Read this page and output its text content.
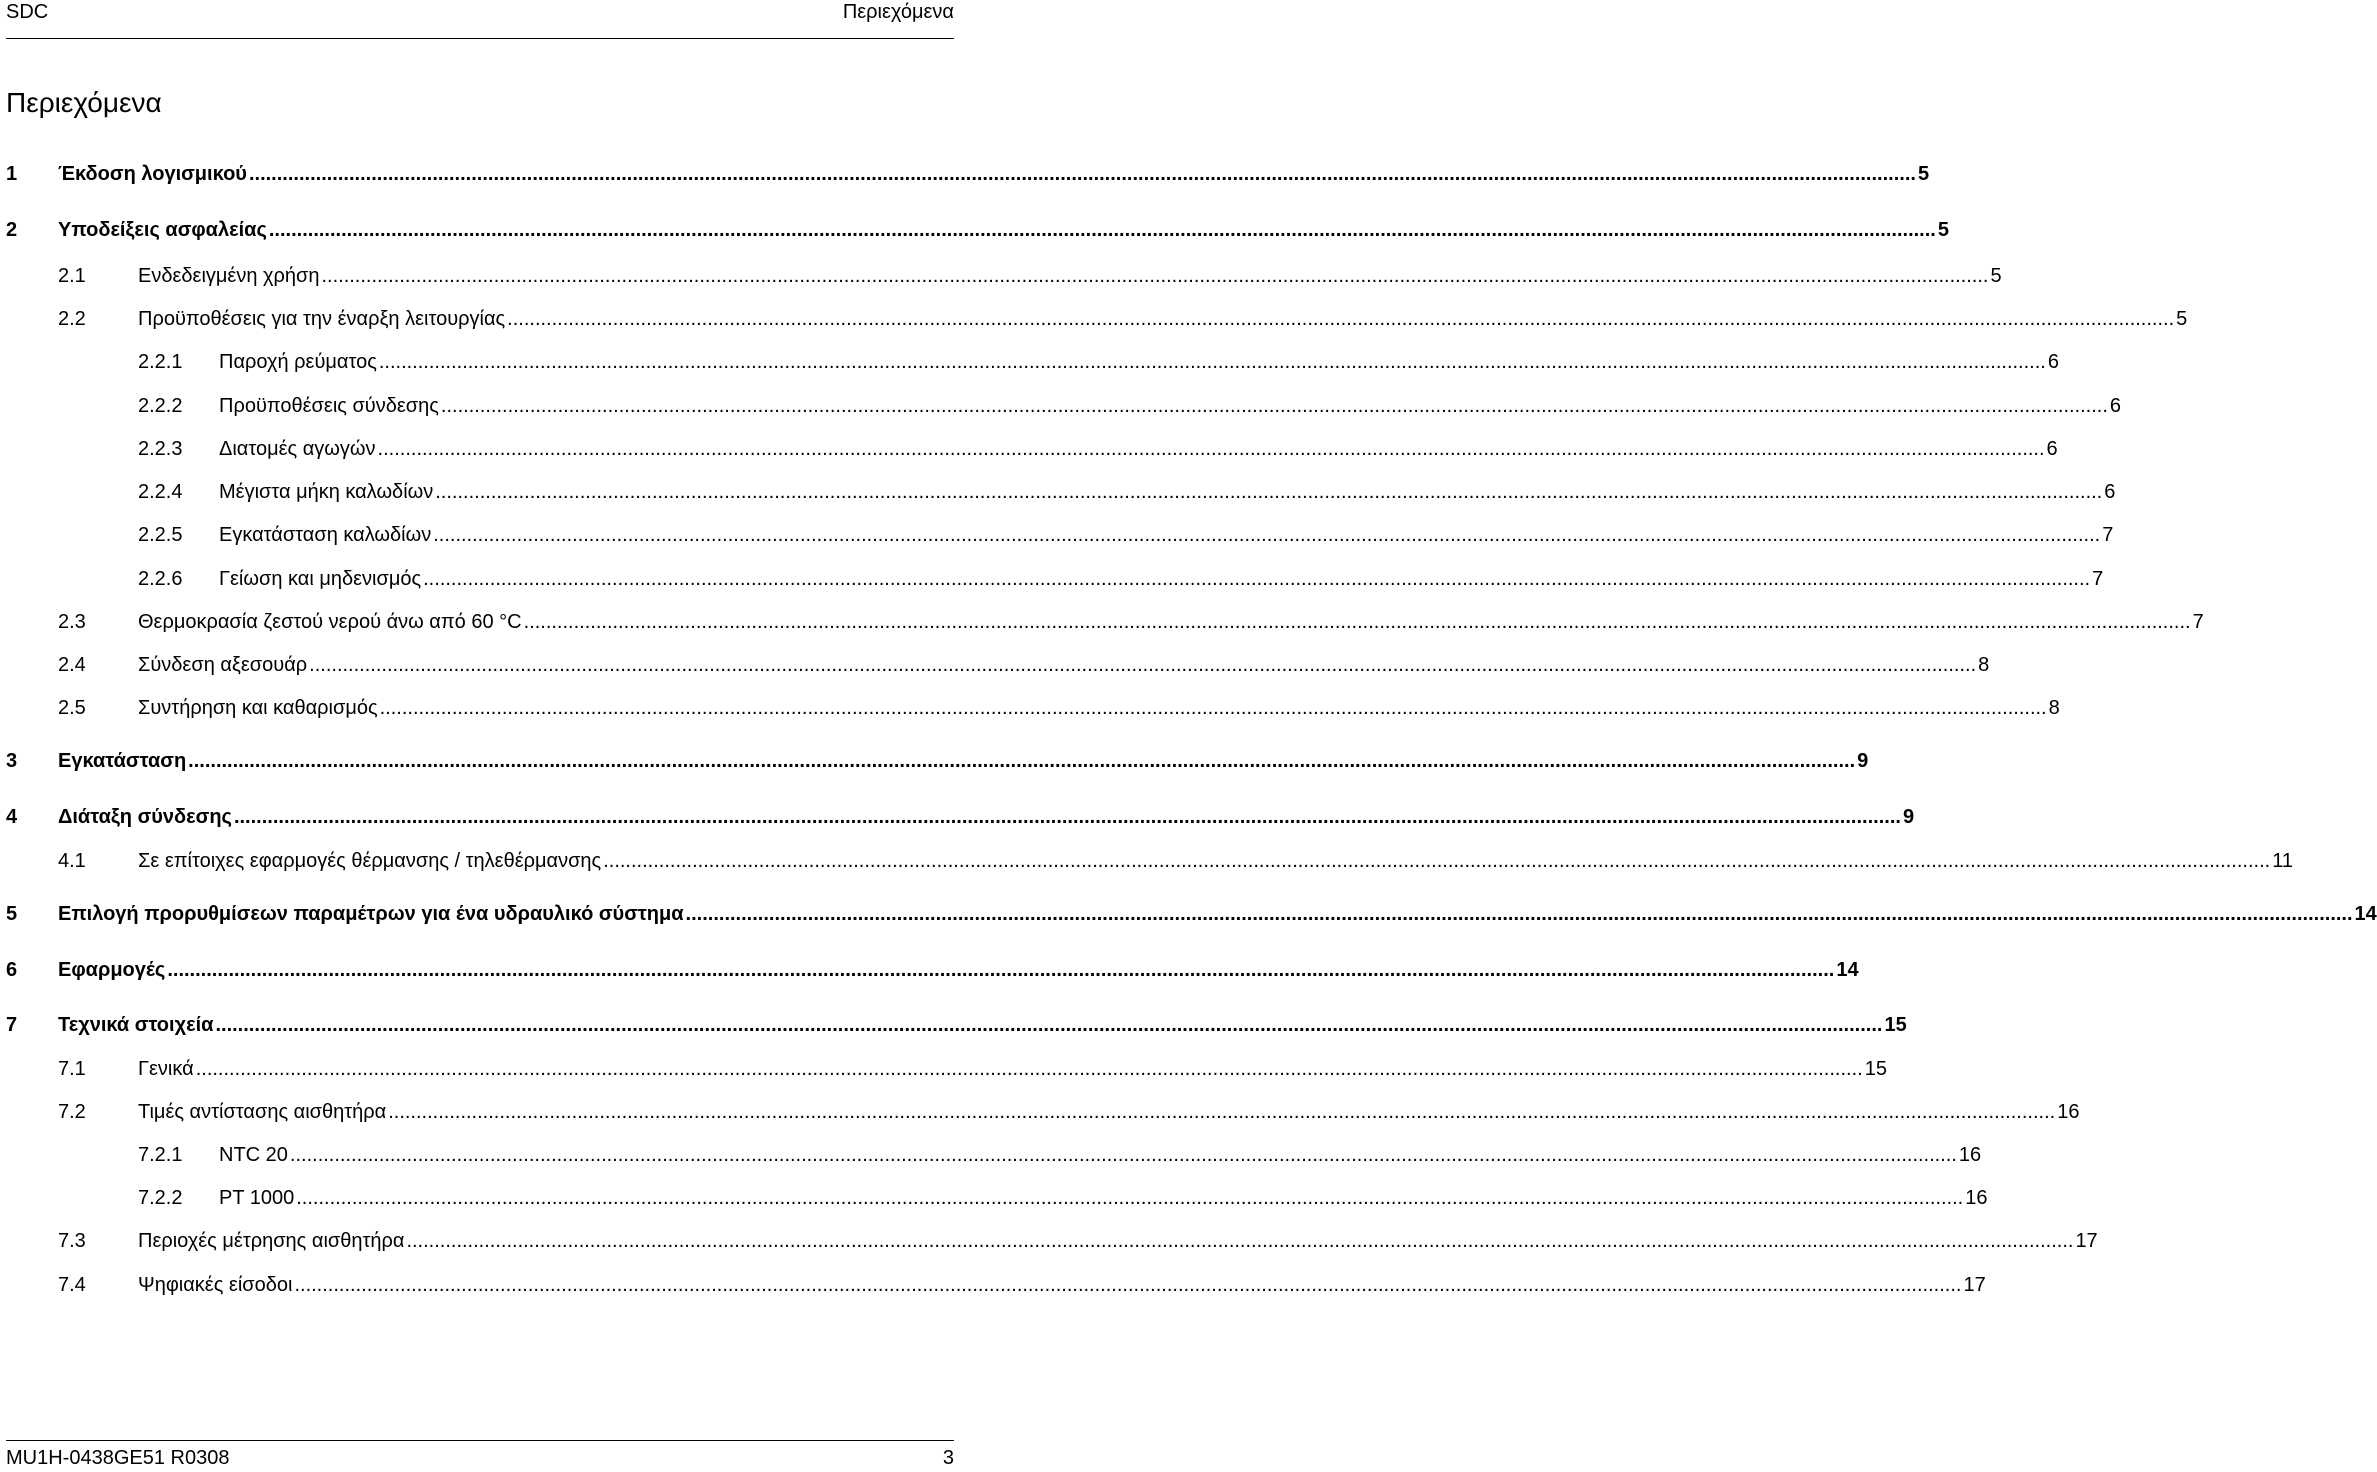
SDC	Περιεχόμενα
Περιεχόμενα
1 Έκδοση λογισμικού ............................................................................................................................................................................................................................................................................................................ 5
2 Υποδείξεις ασφαλείας ............................................................................................................................................................................................................................................................................................................ 5
2.1	Ενδεδειγμένη χρήση ............................................................................................................................................................................................................................................................................................................ 5
2.2	Προϋποθέσεις για την έναρξη λειτουργίας ............................................................................................................................................................................................................................................................................................................ 5
2.2.1 Παροχή ρεύματος ............................................................................................................................................................................................................................................................................................................ 6
2.2.2 Προϋποθέσεις σύνδεσης ............................................................................................................................................................................................................................................................................................................ 6
2.2.3 Διατομές αγωγών ............................................................................................................................................................................................................................................................................................................ 6
2.2.4 Μέγιστα μήκη καλωδίων ............................................................................................................................................................................................................................................................................................................ 6
2.2.5 Εγκατάσταση καλωδίων ............................................................................................................................................................................................................................................................................................................ 7
2.2.6 Γείωση και μηδενισμός ............................................................................................................................................................................................................................................................................................................ 7
2.3	Θερμοκρασία ζεστού νερού άνω από 60 °C ............................................................................................................................................................................................................................................................................................................ 7
2.4	Σύνδεση αξεσουάρ ............................................................................................................................................................................................................................................................................................................ 8
2.5	Συντήρηση και καθαρισμός ............................................................................................................................................................................................................................................................................................................ 8
3 Εγκατάσταση ............................................................................................................................................................................................................................................................................................................ 9
4 Διάταξη σύνδεσης ............................................................................................................................................................................................................................................................................................................ 9
4.1	Σε επίτοιχες εφαρμογές θέρμανσης / τηλεθέρμανσης ............................................................................................................................................................................................................................................................................................................ 11
5 Επιλογή προρυθμίσεων παραμέτρων για ένα υδραυλικό σύστημα ............................................................................................................................................................................................................................................................................................................ 14
6 Εφαρμογές ............................................................................................................................................................................................................................................................................................................ 14
7 Τεχνικά στοιχεία ............................................................................................................................................................................................................................................................................................................ 15
7.1	Γενικά ............................................................................................................................................................................................................................................................................................................ 15
7.2	Τιμές αντίστασης αισθητήρα ............................................................................................................................................................................................................................................................................................................ 16
7.2.1 NTC 20 ............................................................................................................................................................................................................................................................................................................ 16
7.2.2 PT 1000 ............................................................................................................................................................................................................................................................................................................ 16
7.3	Περιοχές μέτρησης αισθητήρα ............................................................................................................................................................................................................................................................................................................ 17
7.4	Ψηφιακές είσοδοι ............................................................................................................................................................................................................................................................................................................ 17
MU1H-0438GE51 R0308	3
